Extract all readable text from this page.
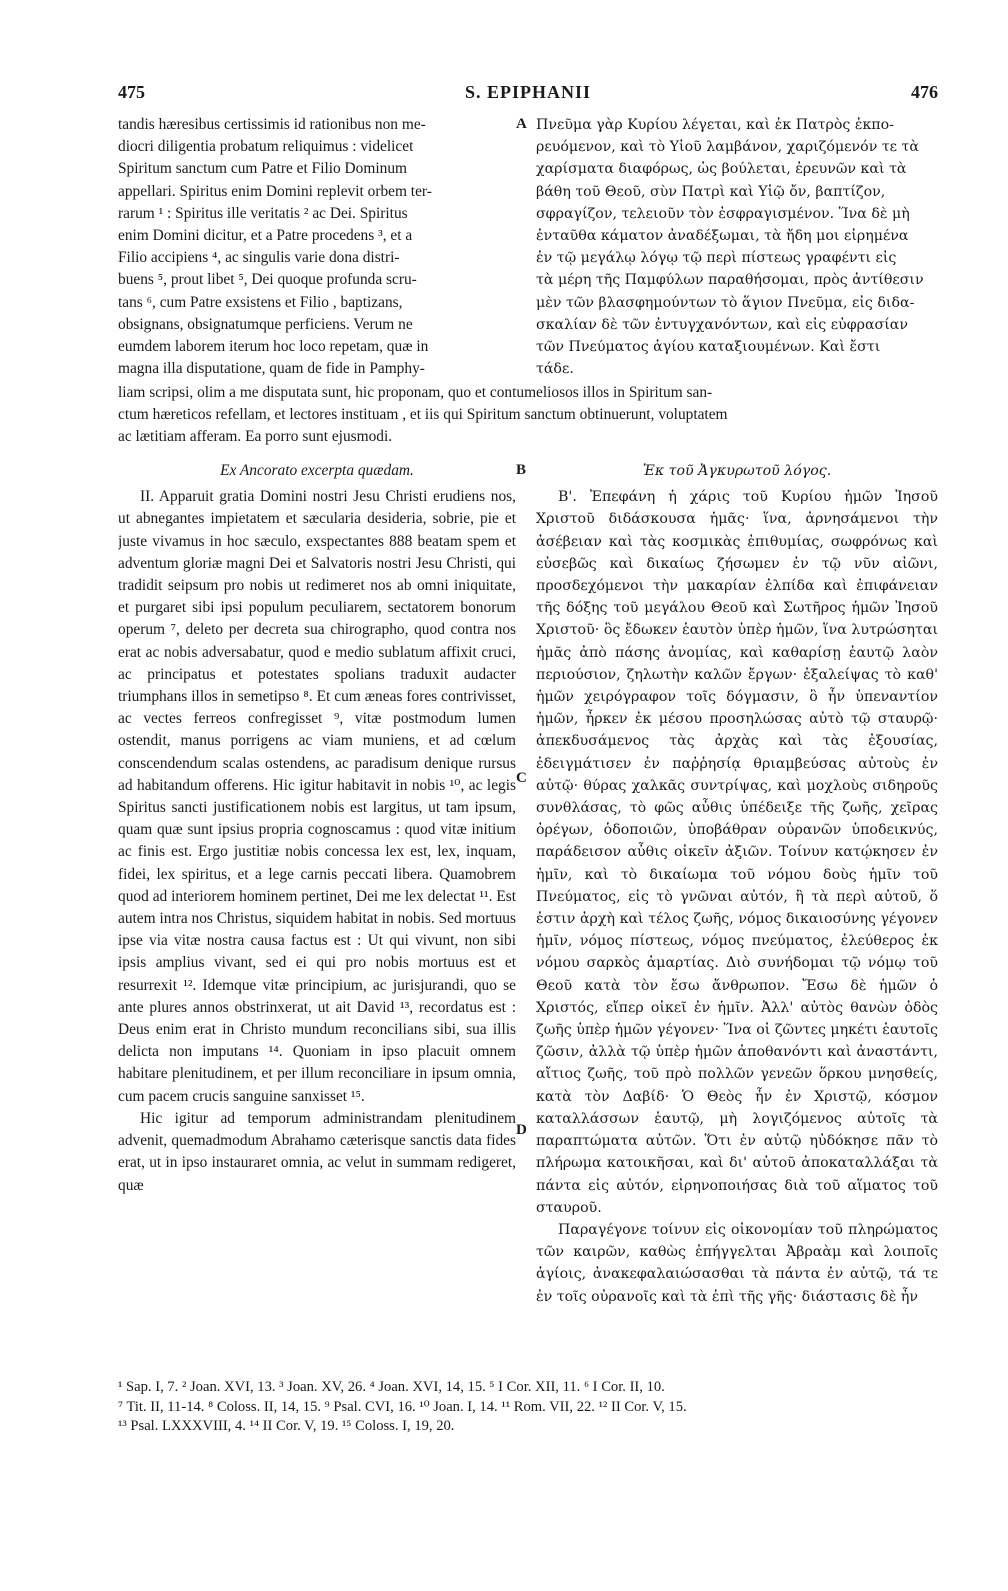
475	S. EPIPHANII	476

tandis hæresibus certissimis id rationibus non me-

diocri diligentia probatum reliquimus : videlicet

Spiritum sanctum cum Patre et Filio Dominum

appellari. Spiritus enim Domini replevit orbem ter-

rarum ¹ : Spiritus ille veritatis ² ac Dei. Spiritus

enim Domini dicitur, et a Patre procedens ³, et a

Filio accipiens ⁴, ac singulis varie dona distri-

buens ⁵, prout libet ⁵, Dei quoque profunda scru-

tans ⁶, cum Patre exsistens et Filio , baptizans,

obsignans, obsignatumque perficiens. Verum ne

eumdem laborem iterum hoc loco repetam, quæ in

magna illa disputatione, quam de fide in Pamphy-

A Πνεῦμα γὰρ Κυρίου λέγεται, καὶ ἐκ Πατρὸς ἐκπο-

ρευόμενον, καὶ τὸ Υἱοῦ λαμβάνον, χαριζόμενόν τε τὰ

χαρίσματα διαφόρως, ὡς βούλεται, ἐρευνῶν καὶ τὰ

βάθη τοῦ Θεοῦ, σὺν Πατρὶ καὶ Υἱῷ ὄν, βαπτίζον,

σφραγίζον, τελειοῦν τὸν ἐσφραγισμένον. Ἵνα δὲ μὴ

ἐνταῦθα κάματον ἀναδέξωμαι, τὰ ἤδη μοι εἰρημένα

ἐν τῷ μεγάλῳ λόγῳ τῷ περὶ πίστεως γραφέντι εἰς

τὰ μέρη τῆς Παμφύλων παραθήσομαι, πρὸς ἀντίθεσιν

μὲν τῶν βλασφημούντων τὸ ἅγιον Πνεῦμα, εἰς διδα-

σκαλίαν δὲ τῶν ἐντυγχανόντων, καὶ εἰς εὐφρασίαν

τῶν Πνεύματος ἁγίου καταξιουμένων. Καὶ ἔστι

τάδε.

liam scripsi, olim a me disputata sunt, hic proponam, quo et contumeliosos illos in Spiritum san-

ctum hæreticos refellam, et lectores instituam , et iis qui Spiritum sanctum obtinuerunt, voluptatem

ac lætitiam afferam. Ea porro sunt ejusmodi.

B
C
D

Ex Ancorato excerpta quædam.

II. Apparuit gratia Domini nostri Jesu Christi erudiens nos, ut abnegantes impietatem et sæcularia desideria, sobrie, pie et juste vivamus in hoc sæculo, exspectantes 888 beatam spem et adventum gloriæ magni Dei et Salvatoris nostri Jesu Christi, qui tradidit seipsum pro nobis ut redimeret nos ab omni iniquitate, et purgaret sibi ipsi populum peculiarem, sectatorem bonorum operum ⁷, deleto per decreta sua chirographo, quod contra nos erat ac nobis adversabatur, quod e medio sublatum affixit cruci, ac principatus et potestates spolians traduxit audacter triumphans illos in semetipso ⁸. Et cum æneas fores contrivisset, ac vectes ferreos confregisset ⁹, vitæ postmodum lumen ostendit, manus porrigens ac viam muniens, et ad cœlum conscendendum scalas ostendens, ac paradisum denique rursus ad habitandum offerens. Hic igitur habitavit in nobis ¹⁰, ac legis Spiritus sancti justificationem nobis est largitus, ut tam ipsum, quam quæ sunt ipsius propria cognoscamus : quod vitæ initium ac finis est. Ergo justitiæ nobis concessa lex est, lex, inquam, fidei, lex spiritus, et a lege carnis peccati libera. Quamobrem quod ad interiorem hominem pertinet, Dei me lex delectat ¹¹. Est autem intra nos Christus, siquidem habitat in nobis. Sed mortuus ipse via vitæ nostra causa factus est : Ut qui vivunt, non sibi ipsis amplius vivant, sed ei qui pro nobis mortuus est et resurrexit ¹². Idemque vitæ principium, ac jurisjurandi, quo se ante plures annos obstrinxerat, ut ait David ¹³, recordatus est : Deus enim erat in Christo mundum reconcilians sibi, sua illis delicta non imputans ¹⁴. Quoniam in ipso placuit omnem habitare plenitudinem, et per illum reconciliare in ipsum omnia, cum pacem crucis sanguine sanxisset ¹⁵.

Hic igitur ad temporum administrandam plenitudinem advenit, quemadmodum Abrahamo cæterisque sanctis data fides erat, ut in ipso instauraret omnia, ac velut in summam redigeret, quæ

Ἐκ τοῦ Ἀγκυρωτοῦ λόγος.

Β'. Ἐπεφάνη ἡ χάρις τοῦ Κυρίου ἡμῶν Ἰησοῦ Χριστοῦ διδάσκουσα ἡμᾶς· ἵνα, ἀρνησάμενοι τὴν ἀσέβειαν καὶ τὰς κοσμικὰς ἐπιθυμίας, σωφρόνως καὶ εὐσεβῶς καὶ δικαίως ζήσωμεν ἐν τῷ νῦν αἰῶνι, προσδεχόμενοι τὴν μακαρίαν ἐλπίδα καὶ ἐπιφάνειαν τῆς δόξης τοῦ μεγάλου Θεοῦ καὶ Σωτῆρος ἡμῶν Ἰησοῦ Χριστοῦ· ὃς ἔδωκεν ἑαυτὸν ὑπὲρ ἡμῶν, ἵνα λυτρώσηται ἡμᾶς ἀπὸ πάσης ἀνομίας, καὶ καθαρίσῃ ἑαυτῷ λαὸν περιούσιον, ζηλωτὴν καλῶν ἔργων· ἐξαλείψας τὸ καθ' ἡμῶν χειρόγραφον τοῖς δόγμασιν, ὃ ἦν ὑπεναντίον ἡμῶν, ἦρκεν ἐκ μέσου προσηλώσας αὐτὸ τῷ σταυρῷ· ἀπεκδυσάμενος τὰς ἀρχὰς καὶ τὰς ἐξουσίας, ἐδειγμάτισεν ἐν παῤῥησίᾳ θριαμβεύσας αὐτοὺς ἐν αὐτῷ· θύρας χαλκᾶς συντρίψας, καὶ μοχλοὺς σιδηροῦς συνθλάσας, τὸ φῶς αὖθις ὑπέδειξε τῆς ζωῆς, χεῖρας ὀρέγων, ὁδοποιῶν, ὑποβάθραν οὐρανῶν ὑποδεικνύς, παράδεισον αὖθις οἰκεῖν ἀξιῶν. Τοίνυν κατῴκησεν ἐν ἡμῖν, καὶ τὸ δικαίωμα τοῦ νόμου δοὺς ἡμῖν τοῦ Πνεύματος, εἰς τὸ γνῶναι αὐτόν, ἢ τὰ περὶ αὐτοῦ, ὅ ἐστιν ἀρχὴ καὶ τέλος ζωῆς, νόμος δικαιοσύνης γέγονεν ἡμῖν, νόμος πίστεως, νόμος πνεύματος, ἐλεύθερος ἐκ νόμου σαρκὸς ἁμαρτίας. Διὸ συνήδομαι τῷ νόμῳ τοῦ Θεοῦ κατὰ τὸν ἔσω ἄνθρωπον. Ἔσω δὲ ἡμῶν ὁ Χριστός, εἴπερ οἰκεῖ ἐν ἡμῖν. Ἀλλ' αὐτὸς θανὼν ὁδὸς ζωῆς ὑπὲρ ἡμῶν γέγονεν· Ἵνα οἱ ζῶντες μηκέτι ἑαυτοῖς ζῶσιν, ἀλλὰ τῷ ὑπὲρ ἡμῶν ἀποθανόντι καὶ ἀναστάντι, αἴτιος ζωῆς, τοῦ πρὸ πολλῶν γενεῶν ὅρκου μνησθείς, κατὰ τὸν Δαβίδ· Ὁ Θεὸς ἦν ἐν Χριστῷ, κόσμον καταλλάσσων ἑαυτῷ, μὴ λογιζόμενος αὐτοῖς τὰ παραπτώματα αὐτῶν. Ὅτι ἐν αὐτῷ ηὐδόκησε πᾶν τὸ πλήρωμα κατοικῆσαι, καὶ δι' αὐτοῦ ἀποκαταλλάξαι τὰ πάντα εἰς αὐτόν, εἰρηνοποιήσας διὰ τοῦ αἵματος τοῦ σταυροῦ.

Παραγέγονε τοίνυν εἰς οἰκονομίαν τοῦ πληρώματος τῶν καιρῶν, καθὼς ἐπήγγελται Ἀβραὰμ καὶ λοιποῖς ἁγίοις, ἀνακεφαλαιώσασθαι τὰ πάντα ἐν αὐτῷ, τά τε ἐν τοῖς οὐρανοῖς καὶ τὰ ἐπὶ τῆς γῆς· διάστασις δὲ ἦν

¹ Sap. I, 7. ² Joan. XVI, 13. ³ Joan. XV, 26. ⁴ Joan. XVI, 14, 15. ⁵ I Cor. XII, 11. ⁶ I Cor. II, 10.

⁷ Tit. II, 11-14. ⁸ Coloss. II, 14, 15. ⁹ Psal. CVI, 16. ¹⁰ Joan. I, 14. ¹¹ Rom. VII, 22. ¹² II Cor. V, 15.

¹³ Psal. LXXXVIII, 4. ¹⁴ II Cor. V, 19. ¹⁵ Coloss. I, 19, 20.
